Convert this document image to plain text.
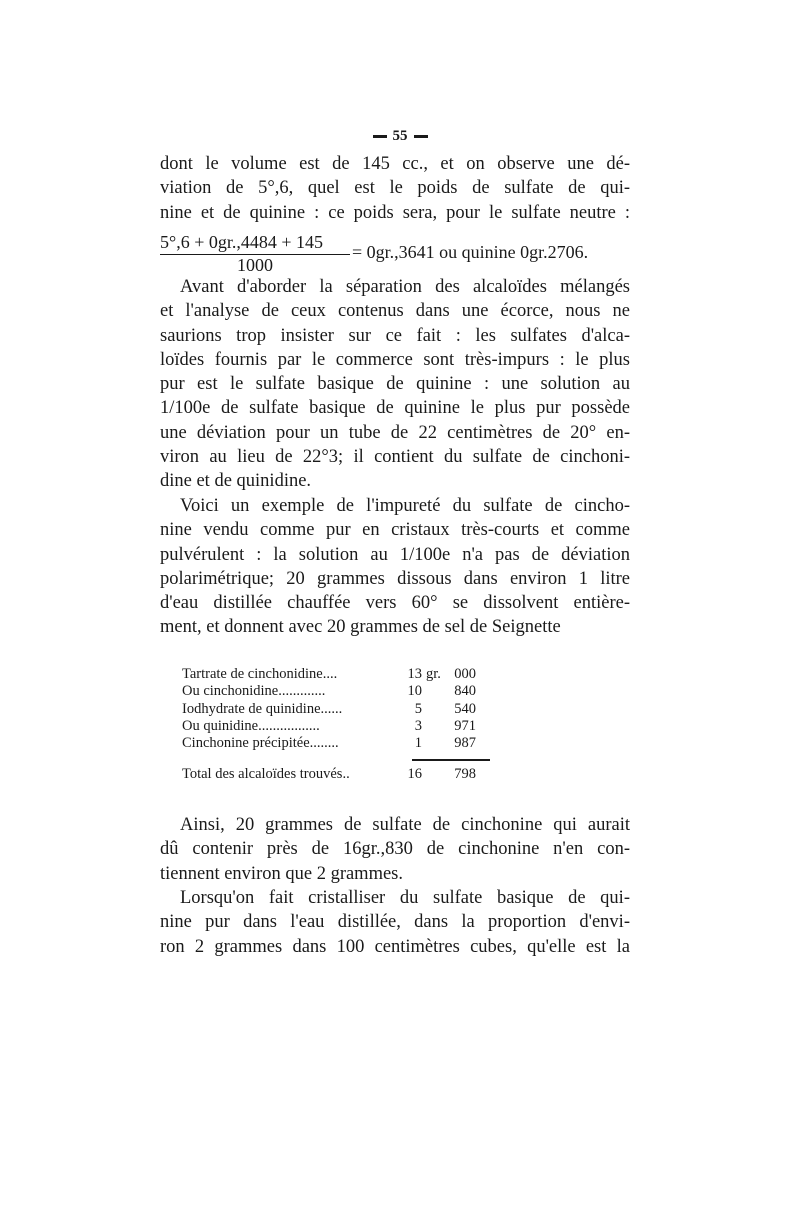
55
dont le volume est de 145 cc., et on observe une dé-
viation de 5°,6, quel est le poids de sulfate de qui-
nine et de quinine : ce poids sera, pour le sulfate neutre :
$\frac{5^\circ,6 + 0gr.,4484 + 145}{1000} = 0gr.,3641$ ou quinine 0gr.2706.
Avant d'aborder la séparation des alcaloïdes mélangés
et l'analyse de ceux contenus dans une écorce, nous ne
saurions trop insister sur ce fait : les sulfates d'alca-
loïdes fournis par le commerce sont très-impurs : le plus
pur est le sulfate basique de quinine : une solution au
1/100e de sulfate basique de quinine le plus pur possède
une déviation pour un tube de 22 centimètres de 20° en-
viron au lieu de 22°3; il contient du sulfate de cinchoni-
dine et de quinidine.
Voici un exemple de l'impureté du sulfate de cincho-
nine vendu comme pur en cristaux très-courts et comme
pulvérulent : la solution au 1/100e n'a pas de déviation
polarimétrique; 20 grammes dissous dans environ 1 litre
d'eau distillée chauffée vers 60° se dissolvent entière-
ment, et donnent avec 20 grammes de sel de Seignette
Tartrate de cinchonidine....	13 gr. 000
Ou cinchonidine.............	10	840
Iodhydrate de quinidine......	5	540
Ou quinidine.................	3	971
Cinchonine précipitée........	1	987
Total des alcaloïdes trouvés..	16	798
Ainsi, 20 grammes de sulfate de cinchonine qui aurait
dû contenir près de 16gr.,830 de cinchonine n'en con-
tiennent environ que 2 grammes.
Lorsqu'on fait cristalliser du sulfate basique de qui-
nine pur dans l'eau distillée, dans la proportion d'envi-
ron 2 grammes dans 100 centimètres cubes, qu'elle est la
